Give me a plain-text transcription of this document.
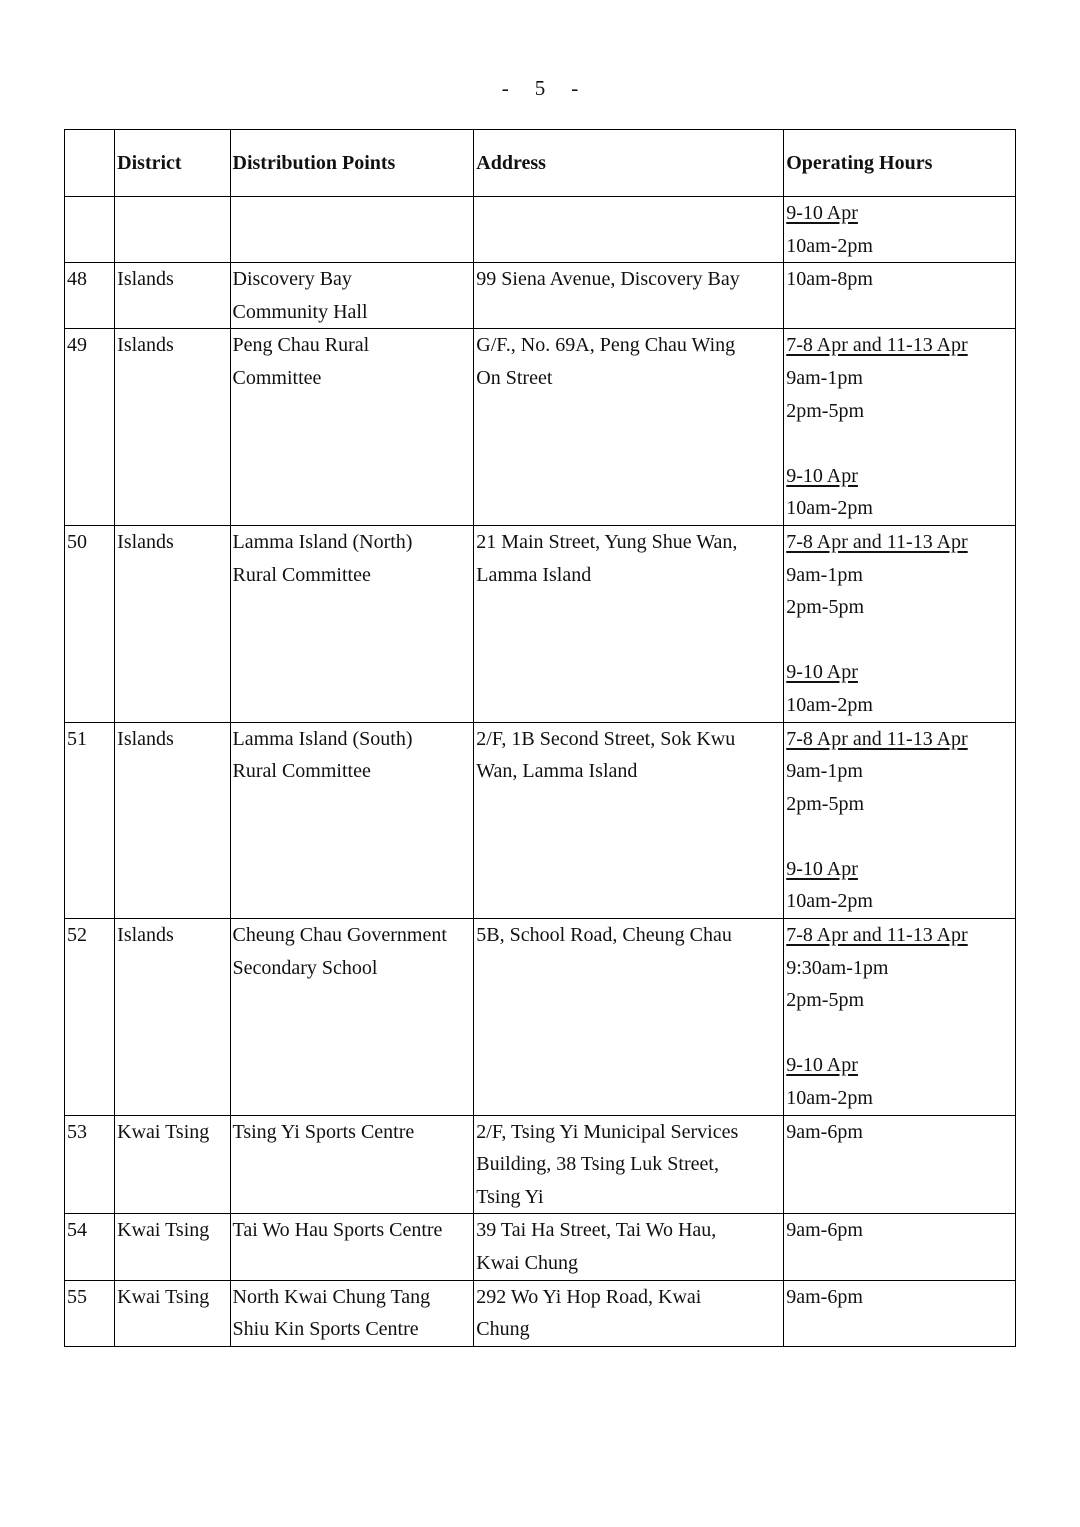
- 5 -
	District	Distribution Points	Address	Operating Hours

				9-10 Apr
10am-2pm

48	Islands	Discovery Bay
Community Hall	99 Siena Avenue, Discovery Bay	10am-8pm

49	Islands	Peng Chau Rural
Committee	G/F., No. 69A, Peng Chau Wing
On Street	7-8 Apr and 11-13 Apr
9am-1pm
2pm-5pm
9-10 Apr
10am-2pm

50	Islands	Lamma Island (North)
Rural Committee	21 Main Street, Yung Shue Wan,
Lamma Island	7-8 Apr and 11-13 Apr
9am-1pm
2pm-5pm
9-10 Apr
10am-2pm

51	Islands	Lamma Island (South)
Rural Committee	2/F, 1B Second Street, Sok Kwu
Wan, Lamma Island	7-8 Apr and 11-13 Apr
9am-1pm
2pm-5pm
9-10 Apr
10am-2pm

52	Islands	Cheung Chau Government
Secondary School	5B, School Road, Cheung Chau	7-8 Apr and 11-13 Apr
9:30am-1pm
2pm-5pm
9-10 Apr
10am-2pm

53	Kwai Tsing	Tsing Yi Sports Centre	2/F, Tsing Yi Municipal Services
Building, 38 Tsing Luk Street,
Tsing Yi	9am-6pm

54	Kwai Tsing	Tai Wo Hau Sports Centre	39 Tai Ha Street, Tai Wo Hau,
Kwai Chung	9am-6pm

55	Kwai Tsing	North Kwai Chung Tang
Shiu Kin Sports Centre	292 Wo Yi Hop Road, Kwai
Chung	9am-6pm
